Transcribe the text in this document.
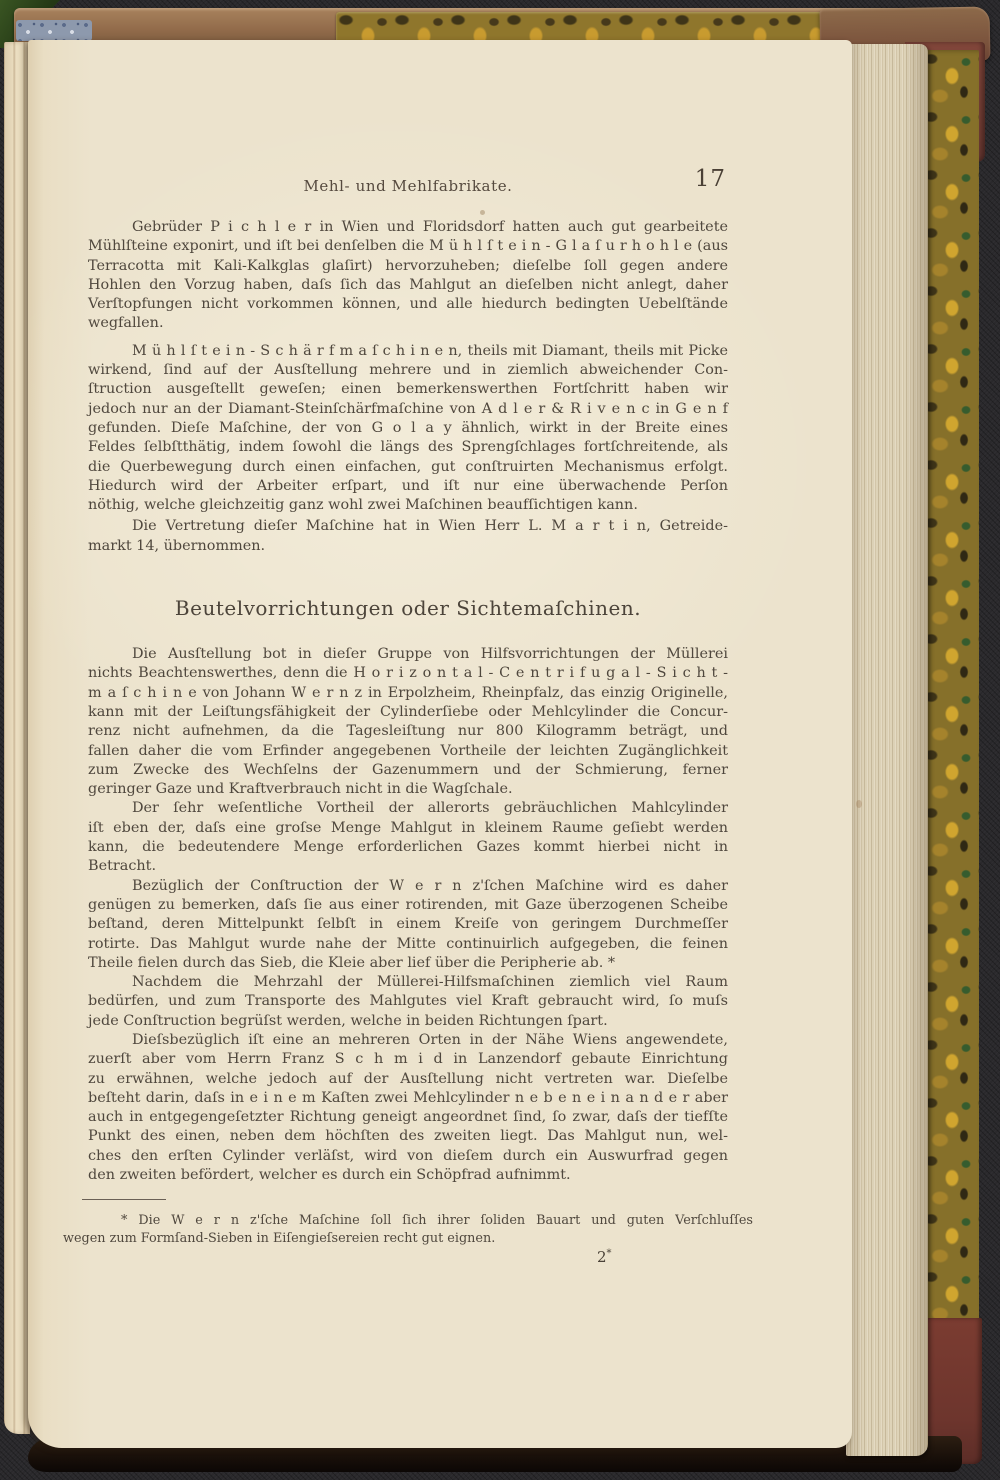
Mehl- und Mehlfabrikate.	17
Gebrüder P i c h l e r in Wien und Floridsdorf hatten auch gut gearbeitete
Mühlſteine exponirt, und iſt bei denſelben die M ü h l ſ t e i n - G l a ſ u r h o h l e (aus
Terracotta mit Kali-Kalkglas glaſirt) hervorzuheben; dieſelbe ſoll gegen andere
Hohlen den Vorzug haben, daſs ſich das Mahlgut an dieſelben nicht anlegt, daher
Verſtopfungen nicht vorkommen können, und alle hiedurch bedingten Uebelſtände
wegfallen.
M ü h l ſ t e i n - S c h ä r f m a ſ c h i n e n, theils mit Diamant, theils mit Picke
wirkend, ſind auf der Ausſtellung mehrere und in ziemlich abweichender Con-
ſtruction ausgeſtellt geweſen; einen bemerkenswerthen Fortſchritt haben wir
jedoch nur an der Diamant-Steinſchärfmaſchine von A d l e r & R i v e n c in G e n f
gefunden. Dieſe Maſchine, der von G o l a y ähnlich, wirkt in der Breite eines
Feldes ſelbſtthätig, indem ſowohl die längs des Sprengſchlages fortſchreitende, als
die Querbewegung durch einen einfachen, gut conſtruirten Mechanismus erfolgt.
Hiedurch wird der Arbeiter erſpart, und iſt nur eine überwachende Perſon
nöthig, welche gleichzeitig ganz wohl zwei Maſchinen beaufſichtigen kann.
Die Vertretung dieſer Maſchine hat in Wien Herr L. M a r t i n, Getreide-
markt 14, übernommen.
Beutelvorrichtungen oder Sichtemaſchinen.
Die Ausſtellung bot in dieſer Gruppe von Hilfsvorrichtungen der Müllerei
nichts Beachtenswerthes, denn die H o r i z o n t a l - C e n t r i f u g a l - S i c h t -
m a ſ c h i n e von Johann W e r n z in Erpolzheim, Rheinpfalz, das einzig Originelle,
kann mit der Leiſtungsfähigkeit der Cylinderſiebe oder Mehlcylinder die Concur-
renz nicht aufnehmen, da die Tagesleiſtung nur 800 Kilogramm beträgt, und
fallen daher die vom Erfinder angegebenen Vortheile der leichten Zugänglichkeit
zum Zwecke des Wechſelns der Gazenummern und der Schmierung, ferner
geringer Gaze und Kraftverbrauch nicht in die Wagſchale.
Der ſehr weſentliche Vortheil der allerorts gebräuchlichen Mahlcylinder
iſt eben der, daſs eine groſse Menge Mahlgut in kleinem Raume geſiebt werden
kann, die bedeutendere Menge erforderlichen Gazes kommt hierbei nicht in
Betracht.
Bezüglich der Conſtruction der W e r n z'ſchen Maſchine wird es daher
genügen zu bemerken, daſs ſie aus einer rotirenden, mit Gaze überzogenen Scheibe
beſtand, deren Mittelpunkt ſelbſt in einem Kreiſe von geringem Durchmeſſer
rotirte. Das Mahlgut wurde nahe der Mitte continuirlich aufgegeben, die feinen
Theile fielen durch das Sieb, die Kleie aber lief über die Peripherie ab. *
Nachdem die Mehrzahl der Müllerei-Hilfsmaſchinen ziemlich viel Raum
bedürfen, und zum Transporte des Mahlgutes viel Kraft gebraucht wird, ſo muſs
jede Conſtruction begrüſst werden, welche in beiden Richtungen ſpart.
Dieſsbezüglich iſt eine an mehreren Orten in der Nähe Wiens angewendete,
zuerſt aber vom Herrn Franz S c h m i d in Lanzendorf gebaute Einrichtung
zu erwähnen, welche jedoch auf der Ausſtellung nicht vertreten war. Dieſelbe
beſteht darin, daſs in e i n e m Kaſten zwei Mehlcylinder n e b e n e i n a n d e r aber
auch in entgegengeſetzter Richtung geneigt angeordnet ſind, ſo zwar, daſs der tiefſte
Punkt des einen, neben dem höchſten des zweiten liegt. Das Mahlgut nun, wel-
ches den erſten Cylinder verläſst, wird von dieſem durch ein Auswurfrad gegen
den zweiten befördert, welcher es durch ein Schöpfrad aufnimmt.
* Die W e r n z'ſche Maſchine ſoll ſich ihrer ſoliden Bauart und guten Verſchluſſes
wegen zum Formſand-Sieben in Eiſengieſsereien recht gut eignen.
2*
